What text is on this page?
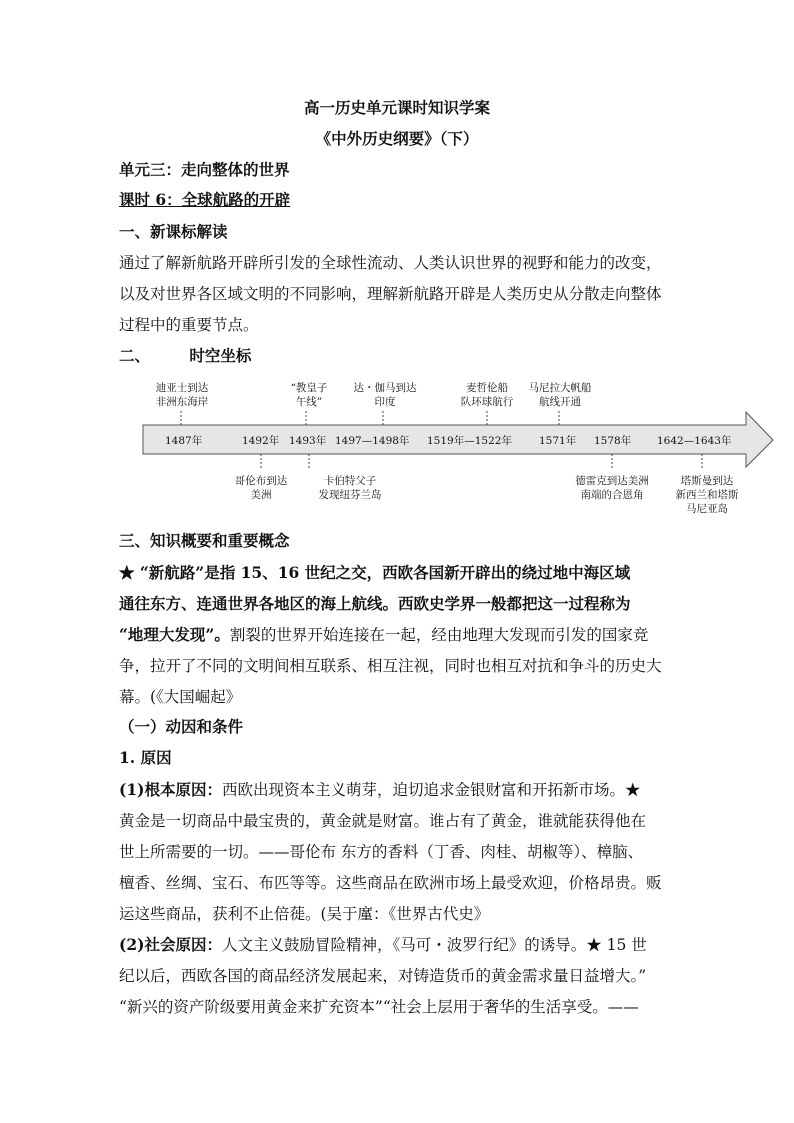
高一历史单元课时知识学案
《中外历史纲要》（下）
单元三：走向整体的世界
课时 6：全球航路的开辟
一、新课标解读
通过了解新航路开辟所引发的全球性流动、人类认识世界的视野和能力的改变，
以及对世界各区域文明的不同影响，理解新航路开辟是人类历史从分散走向整体
过程中的重要节点。
二、	时空坐标
1487年	1492年 1493年 1497—1498年 1519年—1522年	1571年 1578年 1642—1643年
迪亚士到达
非洲东海岸
“教皇子
午线”
达・伽马到达
印度
麦哲伦船
队环球航行
马尼拉大帆船
航线开通
哥伦布到达
美洲
卡伯特父子
发现纽芬兰岛
德雷克到达美洲
南端的合恩角
塔斯曼到达
新西兰和塔斯
马尼亚岛
三、知识概要和重要概念
★ “新航路”是指 15、16 世纪之交，西欧各国新开辟出的绕过地中海区域
通往东方、连通世界各地区的海上航线。西欧史学界一般都把这一过程称为
“地理大发现”。割裂的世界开始连接在一起，经由地理大发现而引发的国家竞
争，拉开了不同的文明间相互联系、相互注视，同时也相互对抗和争斗的历史大
幕。(《大国崛起》
（一）动因和条件
1. 原因
(1)根本原因：西欧出现资本主义萌芽，迫切追求金银财富和开拓新市场。★
黄金是一切商品中最宝贵的，黄金就是财富。谁占有了黄金，谁就能获得他在
世上所需要的一切。——哥伦布 东方的香料（丁香、肉桂、胡椒等）、樟脑、
檀香、丝绸、宝石、布匹等等。这些商品在欧洲市场上最受欢迎，价格昂贵。贩
运这些商品，获利不止倍蓰。(吴于廑：《世界古代史》
(2)社会原因：人文主义鼓励冒险精神，《马可・波罗行纪》的诱导。★ 15 世
纪以后，西欧各国的商品经济发展起来，对铸造货币的黄金需求量日益增大。”
“新兴的资产阶级要用黄金来扩充资本”“社会上层用于奢华的生活享受。——
